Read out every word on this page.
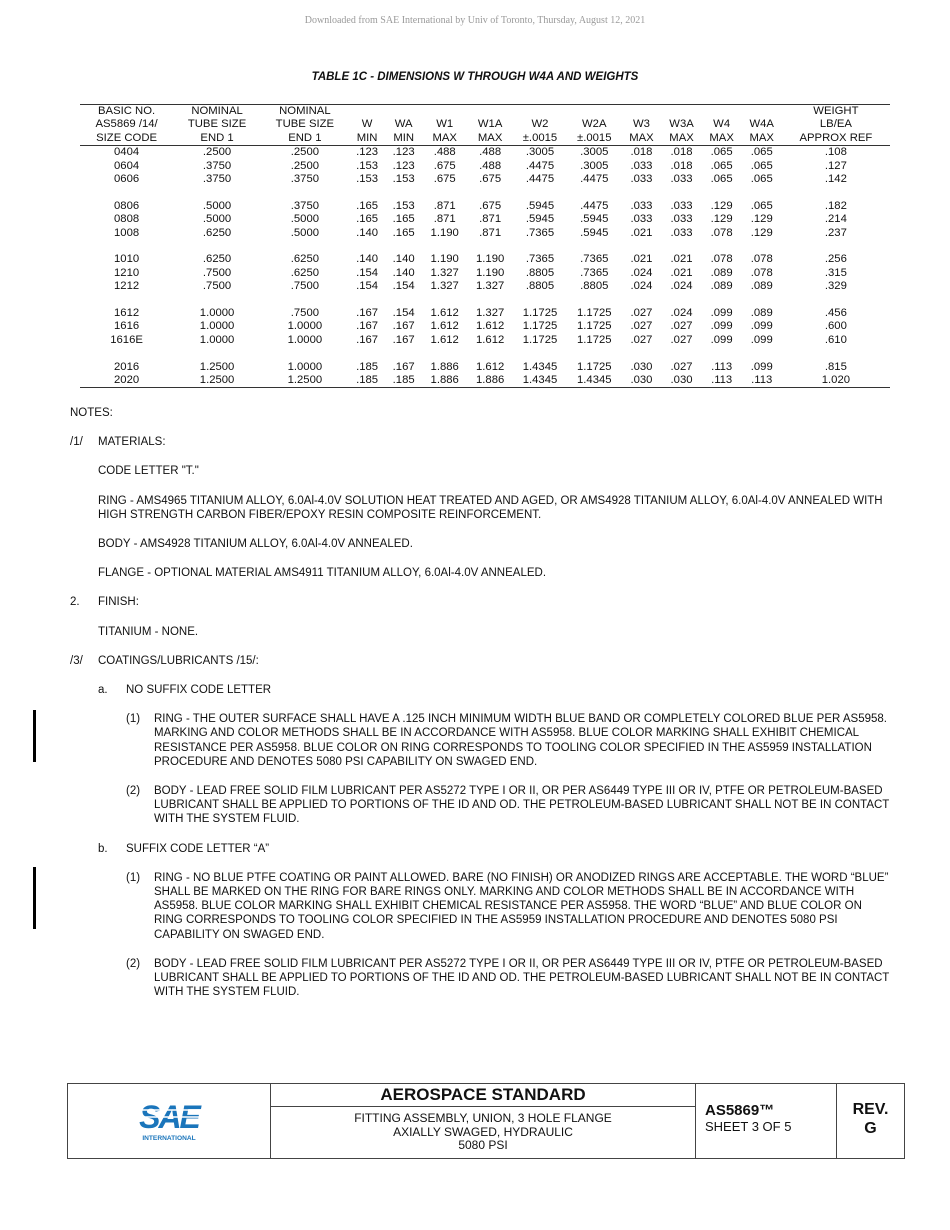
Downloaded from SAE International by Univ of Toronto, Thursday, August 12, 2021
TABLE 1C - DIMENSIONS W THROUGH W4A AND WEIGHTS
BASIC NO.	NOMINAL	NOMINAL											WEIGHT
AS5869 /14/	TUBE SIZE	TUBE SIZE	W	WA	W1	W1A	W2	W2A	W3	W3A	W4	W4A	LB/EA
SIZE CODE	END 1	END 1	MIN	MIN	MAX	MAX	±.0015	±.0015	MAX	MAX	MAX	MAX	APPROX REF
0404	.2500	.2500	.123	.123	.488	.488	.3005	.3005	.018	.018	.065	.065	.108
0604	.3750	.2500	.153	.123	.675	.488	.4475	.3005	.033	.018	.065	.065	.127
0606	.3750	.3750	.153	.153	.675	.675	.4475	.4475	.033	.033	.065	.065	.142

0806	.5000	.3750	.165	.153	.871	.675	.5945	.4475	.033	.033	.129	.065	.182
0808	.5000	.5000	.165	.165	.871	.871	.5945	.5945	.033	.033	.129	.129	.214
1008	.6250	.5000	.140	.165	1.190	.871	.7365	.5945	.021	.033	.078	.129	.237

1010	.6250	.6250	.140	.140	1.190	1.190	.7365	.7365	.021	.021	.078	.078	.256
1210	.7500	.6250	.154	.140	1.327	1.190	.8805	.7365	.024	.021	.089	.078	.315
1212	.7500	.7500	.154	.154	1.327	1.327	.8805	.8805	.024	.024	.089	.089	.329

1612	1.0000	.7500	.167	.154	1.612	1.327	1.1725	1.1725	.027	.024	.099	.089	.456
1616	1.0000	1.0000	.167	.167	1.612	1.612	1.1725	1.1725	.027	.027	.099	.099	.600
1616E	1.0000	1.0000	.167	.167	1.612	1.612	1.1725	1.1725	.027	.027	.099	.099	.610

2016	1.2500	1.0000	.185	.167	1.886	1.612	1.4345	1.1725	.030	.027	.113	.099	.815
2020	1.2500	1.2500	.185	.185	1.886	1.886	1.4345	1.4345	.030	.030	.113	.113	1.020

NOTES:

/1/	MATERIALS:

CODE LETTER "T."

RING - AMS4965 TITANIUM ALLOY, 6.0Al-4.0V SOLUTION HEAT TREATED AND AGED, OR AMS4928 TITANIUM ALLOY, 6.0Al-4.0V ANNEALED WITH HIGH STRENGTH CARBON FIBER/EPOXY RESIN COMPOSITE REINFORCEMENT.

BODY - AMS4928 TITANIUM ALLOY, 6.0Al-4.0V ANNEALED.

FLANGE - OPTIONAL MATERIAL AMS4911 TITANIUM ALLOY, 6.0Al-4.0V ANNEALED.

2.	FINISH:

TITANIUM - NONE.

/3/	COATINGS/LUBRICANTS /15/:
a.	NO SUFFIX CODE LETTER
(1)	RING - THE OUTER SURFACE SHALL HAVE A .125 INCH MINIMUM WIDTH BLUE BAND OR COMPLETELY COLORED BLUE PER AS5958. MARKING AND COLOR METHODS SHALL BE IN ACCORDANCE WITH AS5958. BLUE COLOR MARKING SHALL EXHIBIT CHEMICAL RESISTANCE PER AS5958. BLUE COLOR ON RING CORRESPONDS TO TOOLING COLOR SPECIFIED IN THE AS5959 INSTALLATION PROCEDURE AND DENOTES 5080 PSI CAPABILITY ON SWAGED END.
(2)	BODY - LEAD FREE SOLID FILM LUBRICANT PER AS5272 TYPE I OR II, OR PER AS6449 TYPE III OR IV, PTFE OR PETROLEUM-BASED LUBRICANT SHALL BE APPLIED TO PORTIONS OF THE ID AND OD. THE PETROLEUM-BASED LUBRICANT SHALL NOT BE IN CONTACT WITH THE SYSTEM FLUID.
b.	SUFFIX CODE LETTER “A”
(1)	RING - NO BLUE PTFE COATING OR PAINT ALLOWED. BARE (NO FINISH) OR ANODIZED RINGS ARE ACCEPTABLE. THE WORD “BLUE” SHALL BE MARKED ON THE RING FOR BARE RINGS ONLY. MARKING AND COLOR METHODS SHALL BE IN ACCORDANCE WITH AS5958. BLUE COLOR MARKING SHALL EXHIBIT CHEMICAL RESISTANCE PER AS5958. THE WORD “BLUE” AND BLUE COLOR ON RING CORRESPONDS TO TOOLING COLOR SPECIFIED IN THE AS5959 INSTALLATION PROCEDURE AND DENOTES 5080 PSI CAPABILITY ON SWAGED END.
(2)	BODY - LEAD FREE SOLID FILM LUBRICANT PER AS5272 TYPE I OR II, OR PER AS6449 TYPE III OR IV, PTFE OR PETROLEUM-BASED LUBRICANT SHALL BE APPLIED TO PORTIONS OF THE ID AND OD. THE PETROLEUM-BASED LUBRICANT SHALL NOT BE IN CONTACT WITH THE SYSTEM FLUID.
SAE
INTERNATIONAL
AEROSPACE STANDARD
FITTING ASSEMBLY, UNION, 3 HOLE FLANGE
AXIALLY SWAGED, HYDRAULIC
5080 PSI
AS5869™
SHEET 3 OF 5
REV.
G
